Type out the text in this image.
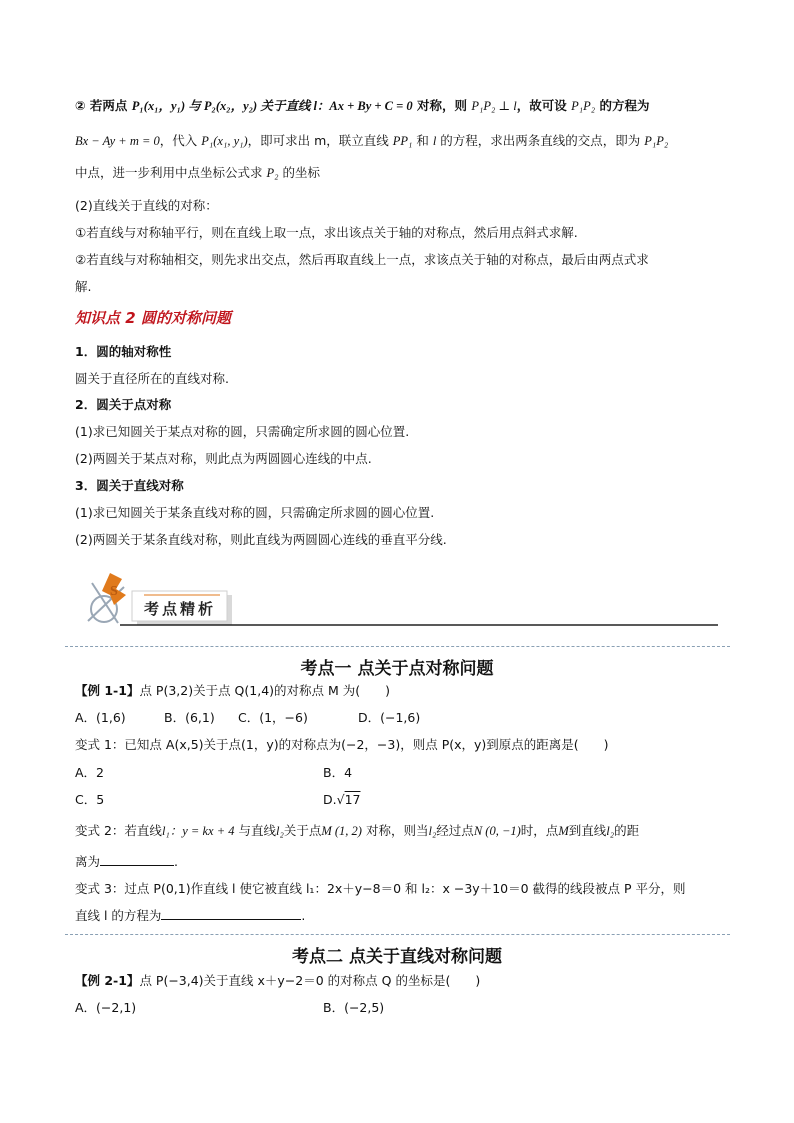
② 若两点 P₁(x₁，y₁) 与 P₂(x₂，y₂) 关于直线 l：Ax + By + C = 0 对称，则 P₁P₂ ⊥ l，故可设 P₁P₂ 的方程为
Bx − Ay + m = 0，代入 P₁(x₁, y₁)，即可求出 m，联立直线 PP₁ 和 l 的方程，求出两条直线的交点，即为 P₁P₂
中点，进一步利用中点坐标公式求 P₂ 的坐标
(2)直线关于直线的对称：
①若直线与对称轴平行，则在直线上取一点，求出该点关于轴的对称点，然后用点斜式求解.
②若直线与对称轴相交，则先求出交点，然后再取直线上一点，求该点关于轴的对称点，最后由两点式求
解.
知识点 2 圆的对称问题
1．圆的轴对称性
圆关于直径所在的直线对称.
2．圆关于点对称
(1)求已知圆关于某点对称的圆，只需确定所求圆的圆心位置.
(2)两圆关于某点对称，则此点为两圆圆心连线的中点.
3．圆关于直线对称
(1)求已知圆关于某条直线对称的圆，只需确定所求圆的圆心位置.
(2)两圆关于某条直线对称，则此直线为两圆圆心连线的垂直平分线.
S
考点精析
考点一 点关于点对称问题
【例 1-1】点 P(3,2)关于点 Q(1,4)的对称点 M 为(　　)
A．(1,6)	B．(6,1) C．(1，−6)	D．(−1,6)
变式 1：已知点 A(x,5)关于点(1，y)的对称点为(−2，−3)，则点 P(x，y)到原点的距离是(　　)
A．2	B．4
C．5	D.√17
变式 2：若直线l₁：y = kx + 4 与直线l₂关于点M (1, 2) 对称，则当l₂经过点N (0, −1)时，点M到直线l₂的距
离为	.
变式 3：过点 P(0,1)作直线 l 使它被直线 l₁：2x＋y−8＝0 和 l₂：x −3y＋10＝0 截得的线段被点 P 平分，则
直线 l 的方程为	.
考点二 点关于直线对称问题
【例 2-1】点 P(−3,4)关于直线 x＋y−2＝0 的对称点 Q 的坐标是(　　)
A．(−2,1)	B．(−2,5)
